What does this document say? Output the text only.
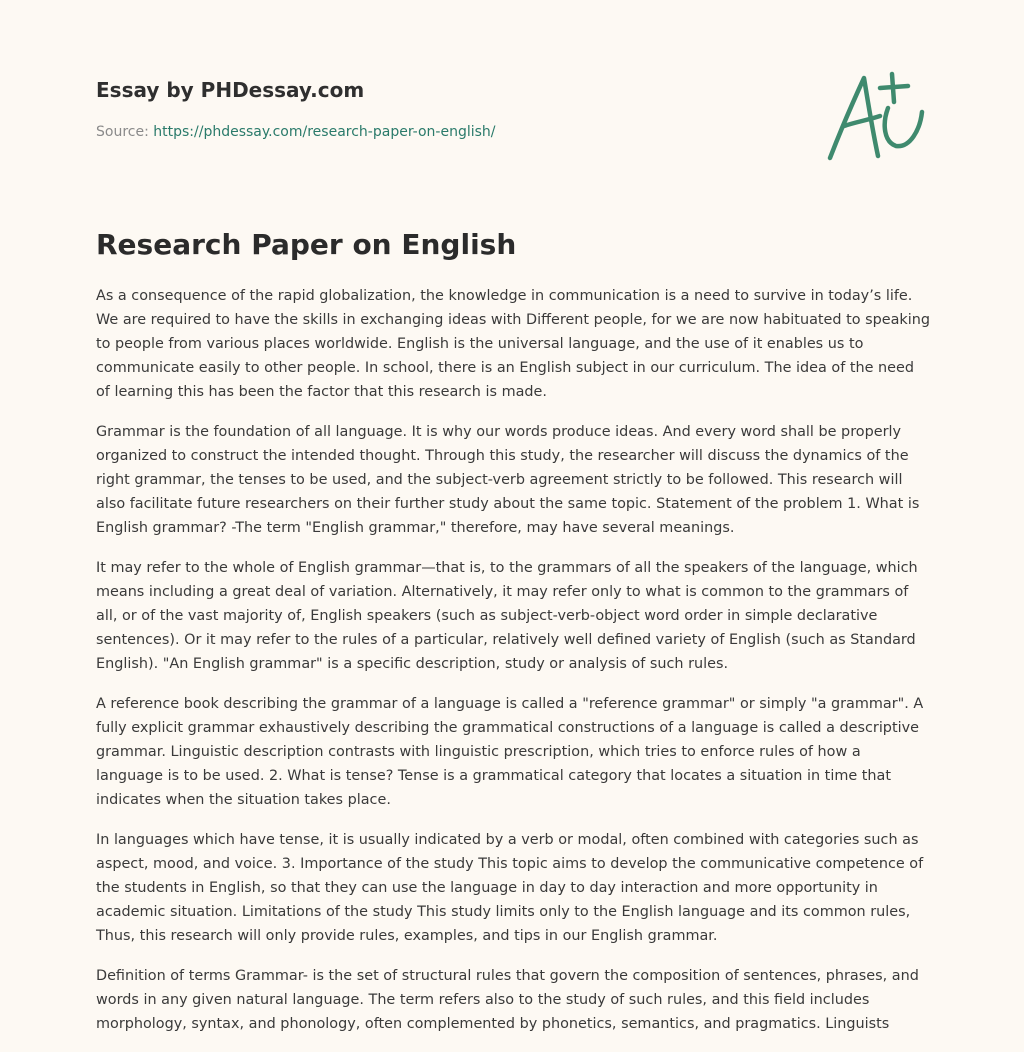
Essay by PHDessay.com
Source: https://phdessay.com/research-paper-on-english/
Research Paper on English

As a consequence of the rapid globalization, the knowledge in communication is a need to survive in today’s life. We are required to have the skills in exchanging ideas with Different people, for we are now habituated to speaking to people from various places worldwide. English is the universal language, and the use of it enables us to communicate easily to other people. In school, there is an English subject in our curriculum. The idea of the need of learning this has been the factor that this research is made.

Grammar is the foundation of all language. It is why our words produce ideas. And every word shall be properly organized to construct the intended thought. Through this study, the researcher will discuss the dynamics of the right grammar, the tenses to be used, and the subject-verb agreement strictly to be followed. This research will also facilitate future researchers on their further study about the same topic. Statement of the problem 1. What is English grammar? -The term "English grammar," therefore, may have several meanings.

It may refer to the whole of English grammar—that is, to the grammars of all the speakers of the language, which means including a great deal of variation. Alternatively, it may refer only to what is common to the grammars of all, or of the vast majority of, English speakers (such as subject-verb-object word order in simple declarative sentences). Or it may refer to the rules of a particular, relatively well defined variety of English (such as Standard English). "An English grammar" is a specific description, study or analysis of such rules.

A reference book describing the grammar of a language is called a "reference grammar" or simply "a grammar". A fully explicit grammar exhaustively describing the grammatical constructions of a language is called a descriptive grammar. Linguistic description contrasts with linguistic prescription, which tries to enforce rules of how a language is to be used. 2. What is tense? Tense is a grammatical category that locates a situation in time that indicates when the situation takes place.

In languages which have tense, it is usually indicated by a verb or modal, often combined with categories such as aspect, mood, and voice. 3. Importance of the study This topic aims to develop the communicative competence of the students in English, so that they can use the language in day to day interaction and more opportunity in academic situation. Limitations of the study This study limits only to the English language and its common rules, Thus, this research will only provide rules, examples, and tips in our English grammar.

Definition of terms Grammar- is the set of structural rules that govern the composition of sentences, phrases, and words in any given natural language. The term refers also to the study of such rules, and this field includes morphology, syntax, and phonology, often complemented by phonetics, semantics, and pragmatics. Linguists
